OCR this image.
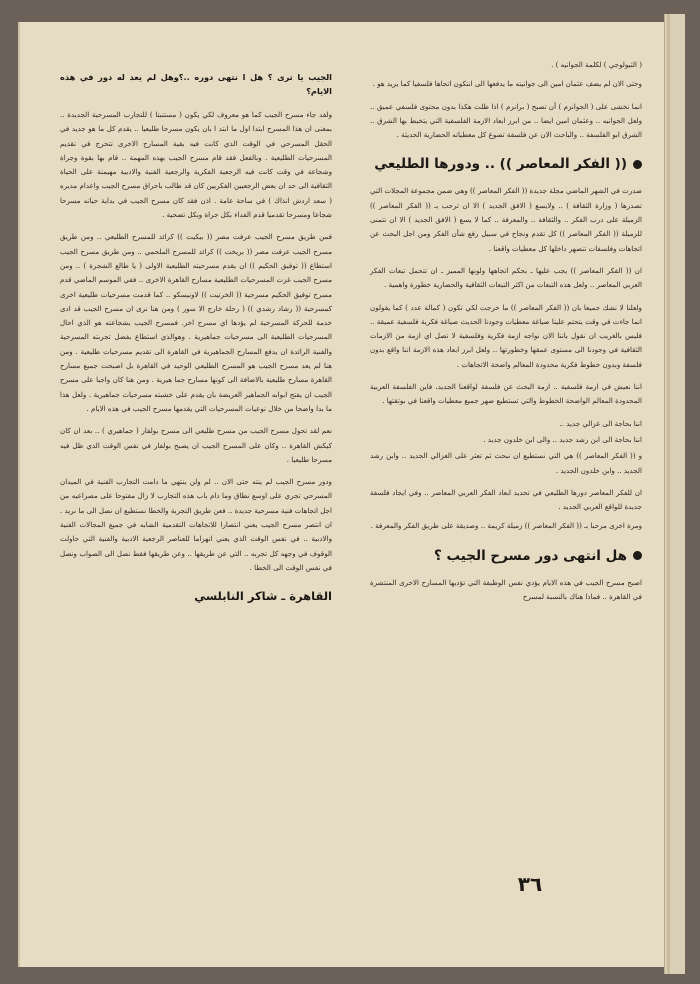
( الثيولوجي ) لكلمة الجوانيه ) .

وحتى الان لم يضف عثمان امين الى جوانيته ما يدفعها الى انتكون اتجاها فلسفيا كما يريد هو .

انما نخشى على ( الجوانزم ) أن تصبح ( برانزم ) اذا ظلت هكذا بدون محتوى فلسفي عميق .. ولعل الجوانيه .. وعثمان امين ايضا .. من ابرز ابعاد الازمة الفلسفية التي يتخبط بها الشرق .. الشرق ابو الفلسفة .. والباحث الان عن فلسفة تصوغ كل معطياته الحضارية الحديثة .

(( الفكر المعاصر )) .. ودورها الطليعي

صدرت في الشهر الماضي مجلة جديدة (( الفكر المعاصر )) وهي ضمن مجموعة المجلات التي تصدرها ( وزارة الثقافة ) .. ولايسع ( الافق الجديد ) الا ان ترحب بـ (( الفكر المعاصر )) الزميلة على درب الفكر .. والثقافة .. والمعرفة .. كما لا يسع ( الافق الجديد ) الا ان تتمنى للزميلة (( الفكر المعاصر )) كل تقدم ونجاح في سبيل رفع شأن الفكر ومن اجل البحث عن اتجاهات وفلسفات تنصهر داخلها كل معطيات واقعنا .

ان (( الفكر المعاصر )) يجب عليها ـ بحكم اتجاهها ولونها المميز ـ ان تتحمل تبعات الفكر العربي المعاصر .. ولعل هذه التبعات من اكثر التبعات الثقافية والحضارية خطورة واهمية .

ولعلنا لا نشك جميعا بان (( الفكر المعاصر )) ما خرجت لكي تكون ( كمالة عدد ) كما يقولون انما جاءت في وقت يتحتم علينا صياغة معطيات وجودنا الحديث صياغة فكرية فلسفية عميقة .. فليس بالغريب ان نقول باننا الان نواجه ازمة فكرية وفلسفية لا تصل اي ازمة من الازمات الثقافية في وجودنا الى مستوى عمقها وخطورتها .. ولعل ابرز ابعاد هذه الازمة اننا واقع بدون فلسفة وبدون خطوط فكرية محدودة المعالم واضحة الاتجاهات .

اننا نعيش في ازمة فلسفية .. ازمة البحث عن فلسفة لواقعنا الجديد، فاين الفلسفة العربية المحدودة المعالم الواضحة الخطوط والتي تستطيع صهر جميع معطيات واقعنا في بوتقتها .

اننا بحاجة الى غزالي جديد ..

اننا بحاجة الى ابن رشد جديد .. والى ابن خلدون جديد .

و (( الفكر المعاصر )) هي التي نستطيع ان نبحث ثم تعثر على الغزالي الجديد .. وابن رشد الجديد .. وابن خلدون الجديد .

ان للفكر المعاصر دورها الطليعي في تحديد ابعاد الفكر العربي المعاصر .. وفي ايجاد فلسفة جديدة للواقع العربي الجديد .

ومرة اخرى مرحبا بـ (( الفكر المعاصر )) زميلة كريمة .. وصديقة على طريق الفكر والمعرفة .

هل انتهى دور مسرح الجيب ؟

اصبح مسرح الجيب في هذه الايام يؤدي نفس الوظيفة التي تؤديها المسارح الاخرى المنتشرة في القاهرة .. فماذا هناك بالنسبة لمسرح

الجيب يا ترى ؟ هل ا نتهى دوره ..؟وهل لم يعد له دور في هذه الايام؟

ولقد جاء مسرح الجيب كما هو معروف لكي يكون ( مستنبتا ) للتجارب المسرحية الجديدة .. بمعنى ان هذا المسرح ابتدا اول ما ابتد ا بان يكون مسرحا طليعيا .. يقدم كل ما هو جديد في الحقل المسرحي في الوقت الذي كانت فيه بقية المسارح الاخرى تتحرج في تقديم المسرحيات الطليعية . وبالفعل فقد قام مسرح الجيب بهذه المهمة .. قام بها بقوة وجراة وشجاعة في وقت كانت فيه الرجعية الفكرية والرجعية الفنية والادبية مهيمنة على الحياة الثقافية الى حد ان بعض الرجعيين الفكريين كان قد طالب باحراق مسرح الجيب واعدام مديره ( سعد اردش انذاك ) في ساحة عامة . اذن فقد كان مسرح الجيب في بداية حياته مسرحا شجاعا ومسرحا تقدميا قدم الفداء بكل جراة وبكل تضحية .

فمن طريق مسرح الجيب عرفت مصر (( بيكيت )) كرائد للمسرح الطليعي .. ومن طريق مسرح الجيب عرفت مصر (( بريخت )) كرائد للمسرح الملحمي .. ومن طريق مسرح الجيب استطاع (( توفيق الحكيم )) ان يقدم مسرحيته الطليعية الاولى ( يا طالع الشجرة ) .. ومن مسرح الجيب غزت المسرحيات الطليعية مسارح القاهرة الاخرى .. ففي الموسم الماضي قدم مسرح توفيق الحكيم مسرحية (( الخرتيت )) لاونيسكو .. كما قدمت مسرحيات طليعية اخرى كمسرحية (( رشاد رشدي )) ( رحلة خارج الا سور ) ومن هنا نرى ان مسرح الجيب قد ادى خدمة للحركة المسرحية لم يؤدها اي مسرح اخر. فمسرح الجيب بشجاعته هو الذي احال المسرحيات الطليعية الى مسرحيات جماهيرية . وهوالذي استطاع بفضل تجربته المسرحية والفنية الرائدة ان يدفع المسارح الجماهيرية في القاهرة الى تقديم مسرحيات طليعية . ومن هنا لم يعد مسرح الجيب هو المسرح الطليعي الوحيد في القاهرة بل اصبحت جميع مسارح القاهرة مسارح طليعية بالاضافة الى كونها مسارح جما هيرية . ومن هنا كان واجبا على مسرح الجيب ان يفتح ابوابه الجماهير العريضة بان يقدم على خشبته مسرحيات جماهيرية . ولعل هذا ما بدا واضحا من خلال نوعيات المسرحيات التي يقدمها مسرح الجيب في هذه الايام .

نعم لقد تحول مسرح الجيب من مسرح طليعي الى مسرح بولفار ( جماهيري ) .. بعد ان كان كيكش القاهرة .. وكان على المسرح الجيب ان يصبح بولفار في نفس الوقت الذي ظل فيه مسرحا طليعيا .

ودور مسرح الجيب لم ينته حتى الان .. لم ولن ينتهي ما دامت التجارب الفنية في الميدان المسرحي تجري على اوسع نطاق وما دام باب هذه التجارب لا زال مفتوحا على مصراعيه من اجل اتجاهات فنية مسرحية جديدة .. فعن طريق التجربة والخطا نستطيع ان نصل الى ما نريد . ان انتصر مسرح الجيب يعني انتصارا للاتجاهات التقدمية الشابه في جميع المجالات الفنية والادبية .. في نفس الوقت الذي يعني انهزاما للعناصر الرجعية الادبية والفنية التي حاولت الوقوف في وجهه كل تجربه .. التي عن طريقها .. وعن طريقها فقط نصل الى الصواب ونصل في نفس الوقت الى الخطا .

القاهرة ـ شاكر النابلسي
٣٦
